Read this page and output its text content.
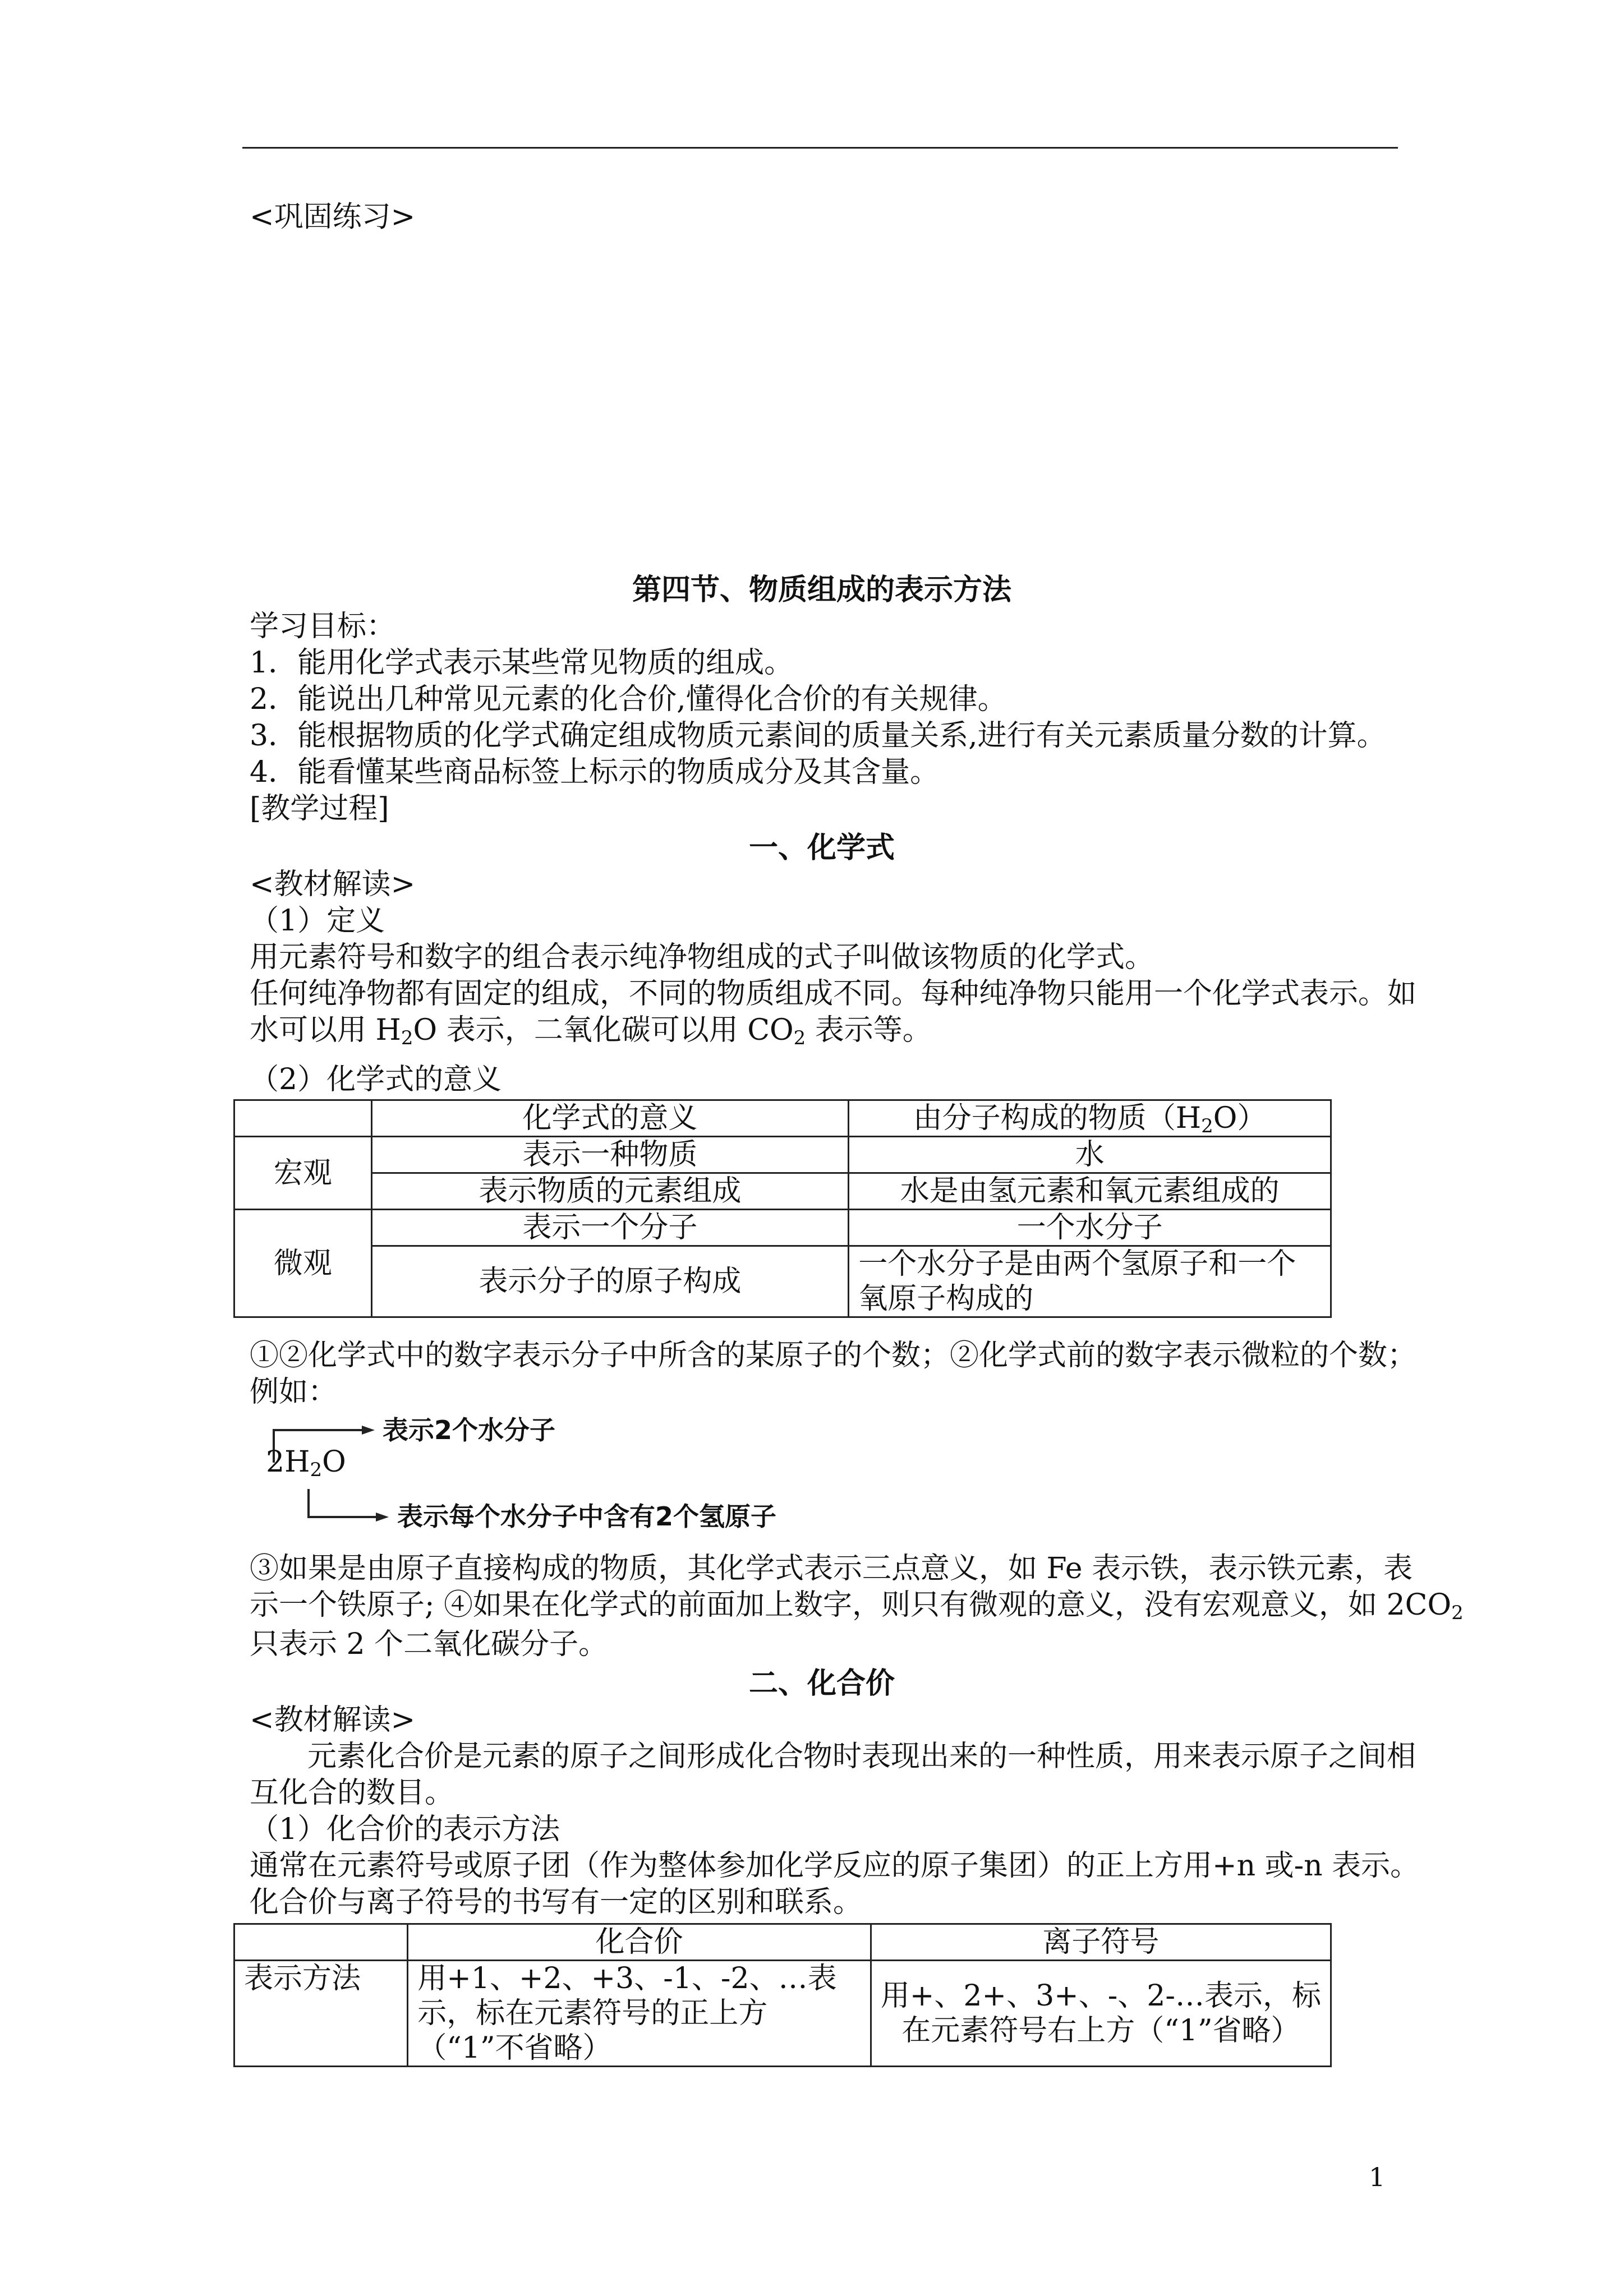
<巩固练习>
第四节、物质组成的表示方法
学习目标：
1．能用化学式表示某些常见物质的组成。
2．能说出几种常见元素的化合价,懂得化合价的有关规律。
3．能根据物质的化学式确定组成物质元素间的质量关系,进行有关元素质量分数的计算。
4．能看懂某些商品标签上标示的物质成分及其含量。
[教学过程]
一、化学式
<教材解读>
（1）定义
用元素符号和数字的组合表示纯净物组成的式子叫做该物质的化学式。
任何纯净物都有固定的组成，不同的物质组成不同。每种纯净物只能用一个化学式表示。如
水可以用 $H_2O$ 表示，二氧化碳可以用 $CO_2$ 表示等。
（2）化学式的意义
	化学式的意义	由分子构成的物质$(H_2O)$
宏观	表示一种物质	水
	表示物质的元素组成	水是由氢元素和氧元素组成的
微观	表示一个分子	一个水分子
	表示分子的原子构成	一个水分子是由两个氢原子和一个氧原子构成的
①②化学式中的数字表示分子中所含的某原子的个数；②化学式前的数字表示微粒的个数；
例如：
表示2个水分子
表示每个水分子中含有2个氢原子
$2H_2O$
③如果是由原子直接构成的物质，其化学式表示三点意义，如 Fe 表示铁，表示铁元素，表
示一个铁原子; ④如果在化学式的前面加上数字，则只有微观的意义，没有宏观意义，如 $2CO_2$
只表示 2 个二氧化碳分子。
二、化合价
<教材解读>
元素化合价是元素的原子之间形成化合物时表现出来的一种性质，用来表示原子之间相
互化合的数目。
（1）化合价的表示方法
通常在元素符号或原子团（作为整体参加化学反应的原子集团）的正上方用+n 或-n 表示。
化合价与离子符号的书写有一定的区别和联系。
	化合价	离子符号
表示方法	用+1、+2、+3、-1、-2、…表示，标在元素符号的正上方（“1”不省略）	用+、2+、3+、-、2-…表示，标在元素符号右上方（“1”省略）
1
